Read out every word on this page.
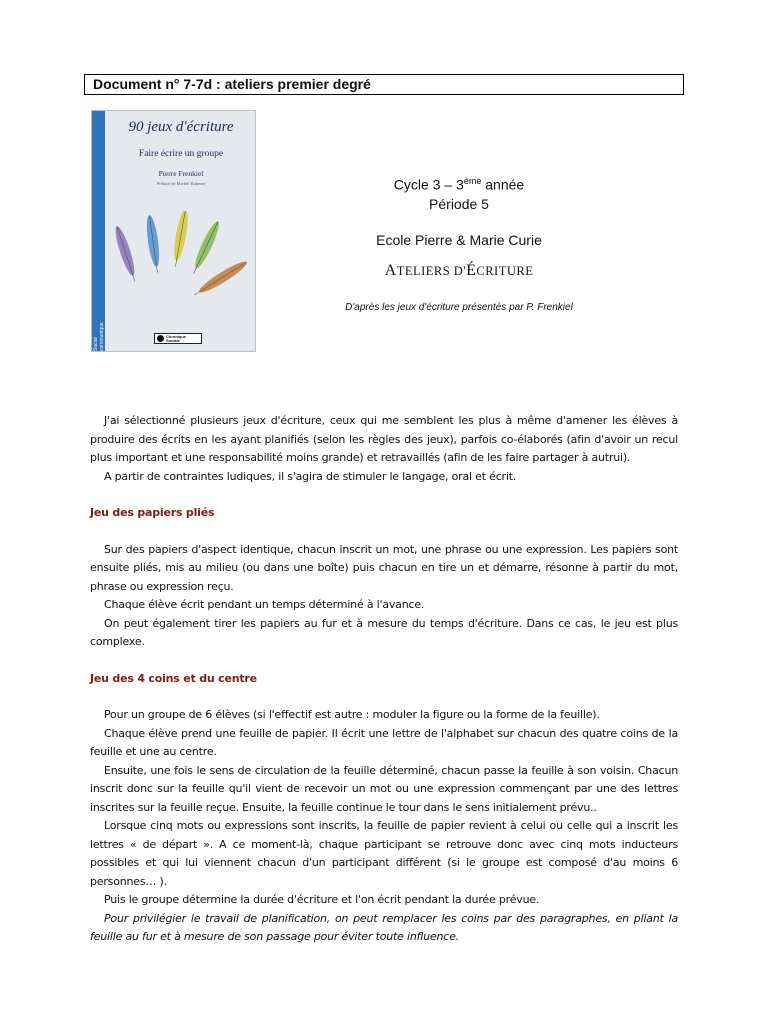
Document n° 7-7d : ateliers premier degré
Social communique
90 jeux d'écriture
Faire écrire un groupe
Pierre Frenkiel
Préface de Michel Kokmer
Chronique Sociale
Cycle 3 – 3ème année
Période 5
Ecole Pierre & Marie Curie
ATELIERS D'ÉCRITURE
D'après les jeux d'écriture présentés par P. Frenkiel

J'ai sélectionné plusieurs jeux d'écriture, ceux qui me semblent les plus à même d'amener les élèves à produire des écrits en les ayant planifiés (selon les règles des jeux), parfois co-élaborés (afin d'avoir un recul plus important et une responsabilité moins grande) et retravaillés (afin de les faire partager à autrui).

A partir de contraintes ludiques, il s'agira de stimuler le langage, oral et écrit.

Jeu des papiers pliés

Sur des papiers d'aspect identique, chacun inscrit un mot, une phrase ou une expression. Les papiers sont ensuite pliés, mis au milieu (ou dans une boîte) puis chacun en tire un et démarre, résonne à partir du mot, phrase ou expression reçu.

Chaque élève écrit pendant un temps déterminé à l'avance.

On peut également tirer les papiers au fur et à mesure du temps d'écriture. Dans ce cas, le jeu est plus complexe.

Jeu des 4 coins et du centre

Pour un groupe de 6 élèves (si l'effectif est autre : moduler la figure ou la forme de la feuille).

Chaque élève prend une feuille de papier. Il écrit une lettre de l'alphabet sur chacun des quatre coins de la feuille et une au centre.

Ensuite, une fois le sens de circulation de la feuille déterminé, chacun passe la feuille à son voisin. Chacun inscrit donc sur la feuille qu'il vient de recevoir un mot ou une expression commençant par une des lettres inscrites sur la feuille reçue. Ensuite, la feuille continue le tour dans le sens initialement prévu..

Lorsque cinq mots ou expressions sont inscrits, la feuille de papier revient à celui ou celle qui a inscrit les lettres « de départ ». A ce moment-là, chaque participant se retrouve donc avec cinq mots inducteurs possibles et qui lui viennent chacun d'un participant différent (si le groupe est composé d'au moins 6 personnes… ).

Puis le groupe détermine la durée d'écriture et l'on écrit pendant la durée prévue.

Pour privilégier le travail de planification, on peut remplacer les coins par des paragraphes, en pliant la feuille au fur et à mesure de son passage pour éviter toute influence.
